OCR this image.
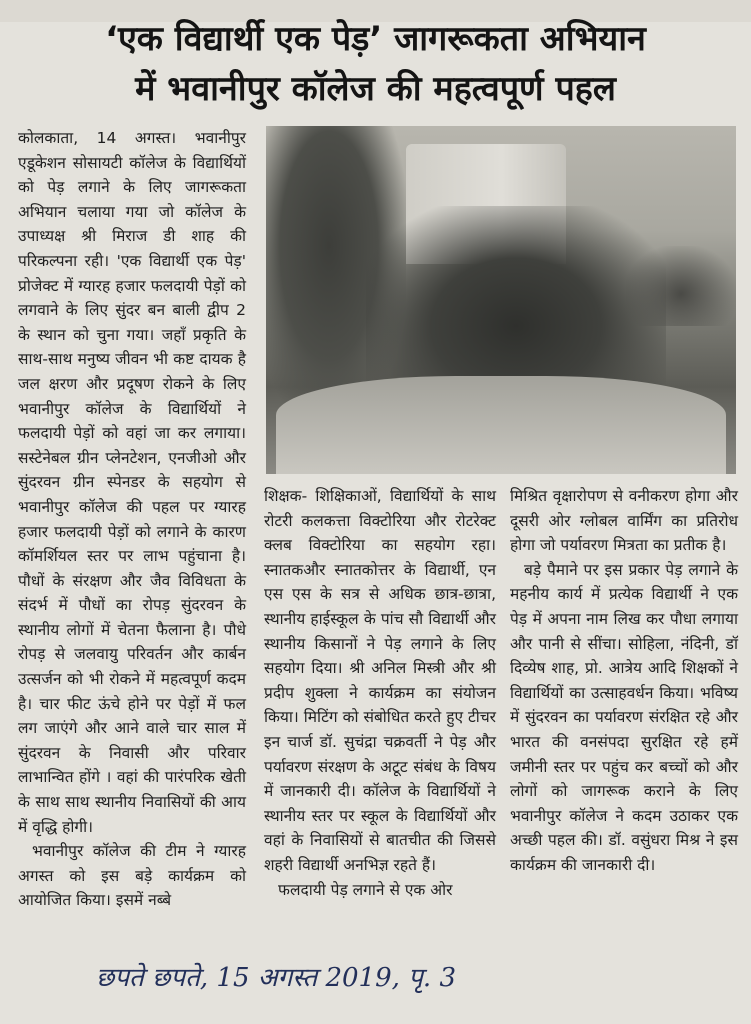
‘एक विद्यार्थी एक पेड़’ जागरूकता अभियान
में भवानीपुर कॉलेज की महत्वपूर्ण पहल

कोलकाता, 14 अगस्त। भवानीपुर एडूकेशन सोसायटी कॉलेज के विद्यार्थियों को पेड़ लगाने के लिए जागरूकता अभियान चलाया गया जो कॉलेज के उपाध्यक्ष श्री मिराज डी शाह की परिकल्पना रही। 'एक विद्यार्थी एक पेड़' प्रोजेक्ट में ग्यारह हजार फलदायी पेड़ों को लगवाने के लिए सुंदर बन बाली द्वीप 2 के स्थान को चुना गया। जहाँ प्रकृति के साथ-साथ मनुष्य जीवन भी कष्ट दायक है जल क्षरण और प्रदूषण रोकने के लिए भवानीपुर कॉलेज के विद्यार्थियों ने फलदायी पेड़ों को वहां जा कर लगाया। सस्टेनेबल ग्रीन प्लेनटेशन, एनजीओ और सुंदरवन ग्रीन स्पेनडर के सहयोग से भवानीपुर कॉलेज की पहल पर ग्यारह हजार फलदायी पेड़ों को लगाने के कारण कॉमर्शियल स्तर पर लाभ पहुंचाना है। पौधों के संरक्षण और जैव विविधता के संदर्भ में पौधों का रोपड़ सुंदरवन के स्थानीय लोगों में चेतना फैलाना है। पौधे रोपड़ से जलवायु परिवर्तन और कार्बन उत्सर्जन को भी रोकने में महत्वपूर्ण कदम है। चार फीट ऊंचे होने पर पेड़ों में फल लग जाएंगे और आने वाले चार साल में सुंदरवन के निवासी और परिवार लाभान्वित होंगे । वहां की पारंपरिक खेती के साथ साथ स्थानीय निवासियों की आय में वृद्धि होगी।

भवानीपुर कॉलेज की टीम ने ग्यारह अगस्त को इस बड़े कार्यक्रम को आयोजित किया। इसमें नब्बे

शिक्षक- शिक्षिकाओं, विद्यार्थियों के साथ रोटरी कलकत्ता विक्टोरिया और रोटरेक्ट क्लब विक्टोरिया का सहयोग रहा। स्नातकऔर स्नातकोत्तर के विद्यार्थी, एन एस एस के सत्र से अधिक छात्र-छात्रा, स्थानीय हाईस्कूल के पांच सौ विद्यार्थी और स्थानीय किसानों ने पेड़ लगाने के लिए सहयोग दिया। श्री अनिल मिस्त्री और श्री प्रदीप शुक्ला ने कार्यक्रम का संयोजन किया। मिटिंग को संबोधित करते हुए टीचर इन चार्ज डॉ. सुचंद्रा चक्रवर्ती ने पेड़ और पर्यावरण संरक्षण के अटूट संबंध के विषय में जानकारी दी। कॉलेज के विद्यार्थियों ने स्थानीय स्तर पर स्कूल के विद्यार्थियों और वहां के निवासियों से बातचीत की जिससे शहरी विद्यार्थी अनभिज्ञ रहते हैं।

फलदायी पेड़ लगाने से एक ओर

मिश्रित वृक्षारोपण से वनीकरण होगा और दूसरी ओर ग्लोबल वार्मिंग का प्रतिरोध होगा जो पर्यावरण मित्रता का प्रतीक है।

बड़े पैमाने पर इस प्रकार पेड़ लगाने के महनीय कार्य में प्रत्येक विद्यार्थी ने एक पेड़ में अपना नाम लिख कर पौधा लगाया और पानी से सींचा। सोहिला, नंदिनी, डॉ दिव्येष शाह, प्रो. आत्रेय आदि शिक्षकों ने विद्यार्थियों का उत्साहवर्धन किया। भविष्य में सुंदरवन का पर्यावरण संरक्षित रहे और भारत की वनसंपदा सुरक्षित रहे हमें जमीनी स्तर पर पहुंच कर बच्चों को और लोगों को जागरूक कराने के लिए भवानीपुर कॉलेज ने कदम उठाकर एक अच्छी पहल की। डॉ. वसुंधरा मिश्र ने इस कार्यक्रम की जानकारी दी।

छपते छपते, 15 अगस्त 2019, पृ. 3
